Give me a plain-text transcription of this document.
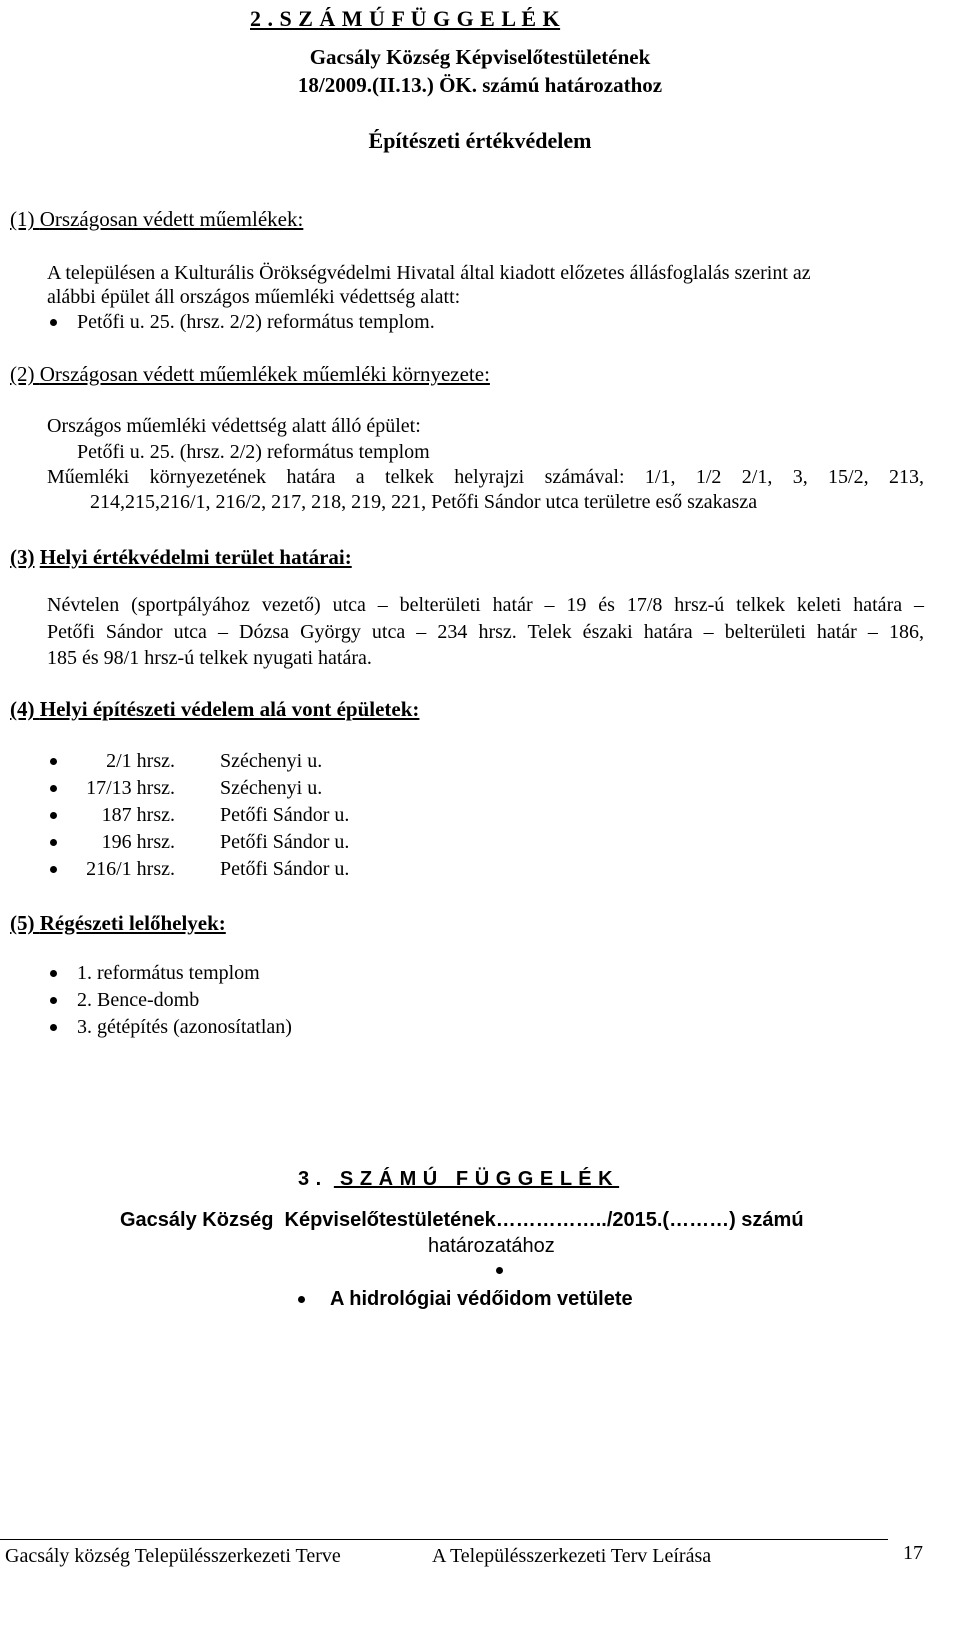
2 . S Z Á M Ú F Ü G G E L É K
Gacsály Község Képviselőtestületének
18/2009.(II.13.) ÖK. számú határozathoz
Építészeti értékvédelem
(1) Országosan védett műemlékek:
A településen a Kulturális Örökségvédelmi Hivatal által kiadott előzetes állásfoglalás szerint az
alábbi épület áll országos műemléki védettség alatt:
Petőfi u. 25. (hrsz. 2/2) református templom.
(2) Országosan védett műemlékek műemléki környezete:
Országos műemléki védettség alatt álló épület:
Petőfi u. 25. (hrsz. 2/2) református templom
Műemléki környezetének határa a telkek helyrajzi számával: 1/1, 1/2 2/1, 3, 15/2, 213,
214,215,216/1, 216/2, 217, 218, 219, 221, Petőfi Sándor utca területre eső szakasza
(3) Helyi értékvédelmi terület határai:
Névtelen (sportpályához vezető) utca – belterületi határ – 19 és 17/8 hrsz-ú telkek keleti határa –
Petőfi Sándor utca – Dózsa György utca – 234 hrsz. Telek északi határa – belterületi határ – 186,
185 és 98/1 hrsz-ú telkek nyugati határa.
(4) Helyi építészeti védelem alá vont épületek:
2/1 hrsz. Széchenyi u.
17/13 hrsz. Széchenyi u.
187 hrsz. Petőfi Sándor u.
196 hrsz. Petőfi Sándor u.
216/1 hrsz. Petőfi Sándor u.
(5) Régészeti lelőhelyek:
1. református templom
2. Bence-domb
3. gétépítés (azonosítatlan)
3 .   S Z Á M Ú   F Ü G G E L É K
Gacsály Község  Képviselőtestületének……………../2015.(………) számú
határozatához
A hidrológiai védőidom vetülete
Gacsály község Településszerkezeti Terve	A Településszerkezeti Terv Leírása	17
